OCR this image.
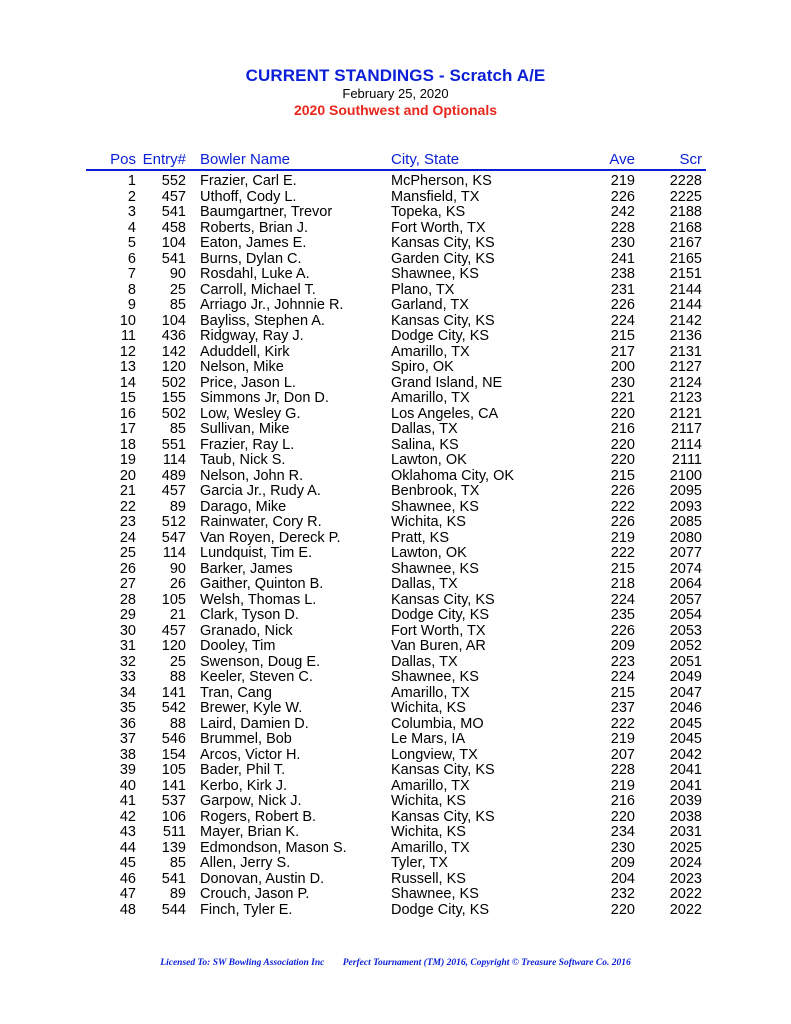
CURRENT STANDINGS - Scratch A/E
February 25, 2020
2020 Southwest and Optionals
Pos Entry# Bowler Name	City, State	Ave	Scr
1 552 Frazier, Carl E.	McPherson, KS	219 2228
2 457 Uthoff, Cody L.	Mansfield, TX	226 2225
3 541 Baumgartner, Trevor	Topeka, KS	242 2188
4 458 Roberts, Brian J.	Fort Worth, TX	228 2168
5 104 Eaton, James E.	Kansas City, KS	230 2167
6 541 Burns, Dylan C.	Garden City, KS	241 2165
7 90 Rosdahl, Luke A.	Shawnee, KS	238 2151
8 25 Carroll, Michael T.	Plano, TX	231 2144
9 85 Arriago Jr., Johnnie R.	Garland, TX	226 2144
10 104 Bayliss, Stephen A.	Kansas City, KS	224 2142
11 436 Ridgway, Ray J.	Dodge City, KS	215 2136
12 142 Aduddell, Kirk	Amarillo, TX	217 2131
13 120 Nelson, Mike	Spiro, OK	200 2127
14 502 Price, Jason L.	Grand Island, NE	230 2124
15 155 Simmons Jr, Don D.	Amarillo, TX	221 2123
16 502 Low, Wesley G.	Los Angeles, CA	220 2121
17 85 Sullivan, Mike	Dallas, TX	216 2117
18 551 Frazier, Ray L.	Salina, KS	220 2114
19 114 Taub, Nick S.	Lawton, OK	220	2111
20 489 Nelson, John R.	Oklahoma City, OK	215 2100
21 457 Garcia Jr., Rudy A.	Benbrook, TX	226 2095
22 89 Darago, Mike	Shawnee, KS	222 2093
23 512 Rainwater, Cory R.	Wichita, KS	226 2085
24 547 Van Royen, Dereck P.	Pratt, KS	219 2080
25 114 Lundquist, Tim E.	Lawton, OK	222 2077
26 90 Barker, James	Shawnee, KS	215 2074
27 26 Gaither, Quinton B.	Dallas, TX	218 2064
28 105 Welsh, Thomas L.	Kansas City, KS	224 2057
29 21 Clark, Tyson D.	Dodge City, KS	235 2054
30 457 Granado, Nick	Fort Worth, TX	226 2053
31 120 Dooley, Tim	Van Buren, AR	209 2052
32 25 Swenson, Doug E.	Dallas, TX	223 2051
33 88 Keeler, Steven C.	Shawnee, KS	224 2049
34 141 Tran, Cang	Amarillo, TX	215 2047
35 542 Brewer, Kyle W.	Wichita, KS	237 2046
36 88 Laird, Damien D.	Columbia, MO	222 2045
37 546 Brummel, Bob	Le Mars, IA	219 2045
38 154 Arcos, Victor H.	Longview, TX	207 2042
39 105 Bader, Phil T.	Kansas City, KS	228 2041
40 141 Kerbo, Kirk J.	Amarillo, TX	219 2041
41 537 Garpow, Nick J.	Wichita, KS	216 2039
42 106 Rogers, Robert B.	Kansas City, KS	220 2038
43 511 Mayer, Brian K.	Wichita, KS	234 2031
44 139 Edmondson, Mason S.	Amarillo, TX	230 2025
45 85 Allen, Jerry S.	Tyler, TX	209 2024
46 541 Donovan, Austin D.	Russell, KS	204 2023
47 89 Crouch, Jason P.	Shawnee, KS	232 2022
48 544 Finch, Tyler E.	Dodge City, KS	220 2022
Licensed To: SW Bowling Association Inc Perfect Tournament (TM) 2016, Copyright © Treasure Software Co. 2016
